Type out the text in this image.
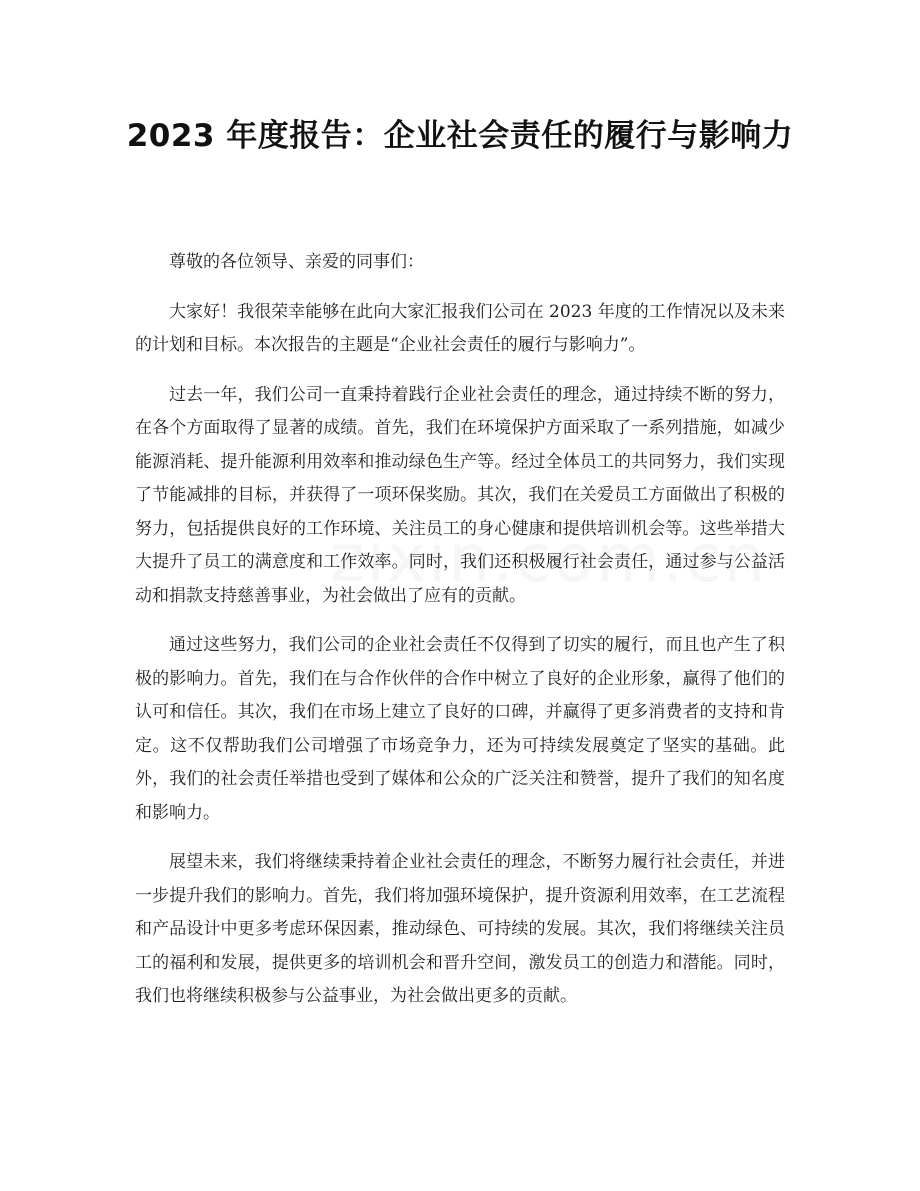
2023 年度报告：企业社会责任的履行与影响力

尊敬的各位领导、亲爱的同事们：

大家好！我很荣幸能够在此向大家汇报我们公司在 2023 年度的工作情况以及未来的计划和目标。本次报告的主题是“企业社会责任的履行与影响力”。

过去一年，我们公司一直秉持着践行企业社会责任的理念，通过持续不断的努力，在各个方面取得了显著的成绩。首先，我们在环境保护方面采取了一系列措施，如减少能源消耗、提升能源利用效率和推动绿色生产等。经过全体员工的共同努力，我们实现了节能减排的目标，并获得了一项环保奖励。其次，我们在关爱员工方面做出了积极的努力，包括提供良好的工作环境、关注员工的身心健康和提供培训机会等。这些举措大大提升了员工的满意度和工作效率。同时，我们还积极履行社会责任，通过参与公益活动和捐款支持慈善事业，为社会做出了应有的贡献。

通过这些努力，我们公司的企业社会责任不仅得到了切实的履行，而且也产生了积极的影响力。首先，我们在与合作伙伴的合作中树立了良好的企业形象，赢得了他们的认可和信任。其次，我们在市场上建立了良好的口碑，并赢得了更多消费者的支持和肯定。这不仅帮助我们公司增强了市场竞争力，还为可持续发展奠定了坚实的基础。此外，我们的社会责任举措也受到了媒体和公众的广泛关注和赞誉，提升了我们的知名度和影响力。

展望未来，我们将继续秉持着企业社会责任的理念，不断努力履行社会责任，并进一步提升我们的影响力。首先，我们将加强环境保护，提升资源利用效率，在工艺流程和产品设计中更多考虑环保因素，推动绿色、可持续的发展。其次，我们将继续关注员工的福利和发展，提供更多的培训机会和晋升空间，激发员工的创造力和潜能。同时，我们也将继续积极参与公益事业，为社会做出更多的贡献。
